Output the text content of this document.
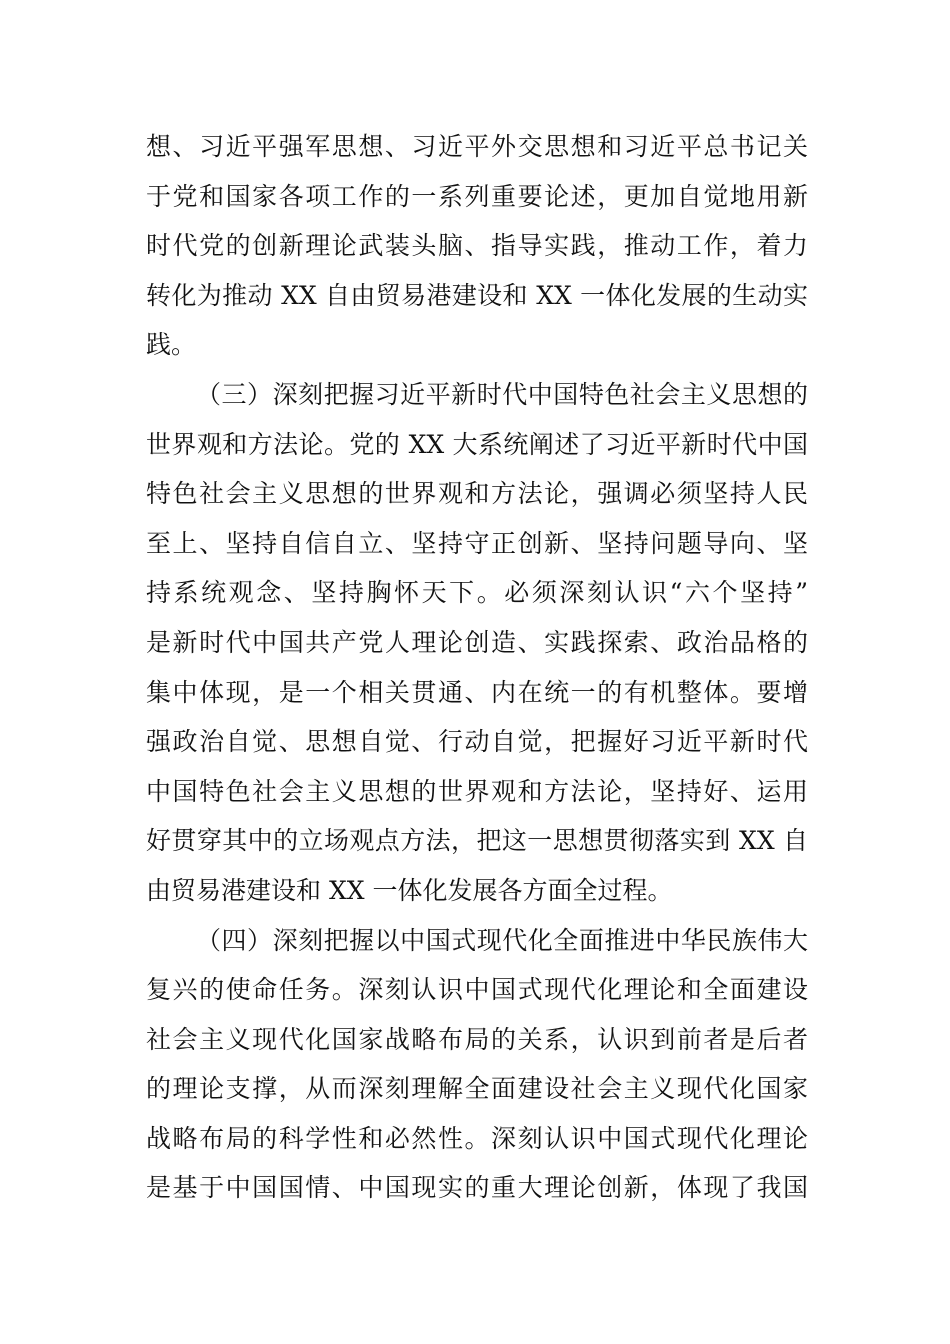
想、习近平强军思想、习近平外交思想和习近平总书记关
于党和国家各项工作的一系列重要论述，更加自觉地用新
时代党的创新理论武装头脑、指导实践，推动工作，着力
转化为推动 XX 自由贸易港建设和 XX 一体化发展的生动实
践。
（三）深刻把握习近平新时代中国特色社会主义思想的
世界观和方法论。党的 XX 大系统阐述了习近平新时代中国
特色社会主义思想的世界观和方法论，强调必须坚持人民
至上、坚持自信自立、坚持守正创新、坚持问题导向、坚
持系统观念、坚持胸怀天下。必须深刻认识“六个坚持”
是新时代中国共产党人理论创造、实践探索、政治品格的
集中体现，是一个相关贯通、内在统一的有机整体。要增
强政治自觉、思想自觉、行动自觉，把握好习近平新时代
中国特色社会主义思想的世界观和方法论，坚持好、运用
好贯穿其中的立场观点方法，把这一思想贯彻落实到 XX 自
由贸易港建设和 XX 一体化发展各方面全过程。
（四）深刻把握以中国式现代化全面推进中华民族伟大
复兴的使命任务。深刻认识中国式现代化理论和全面建设
社会主义现代化国家战略布局的关系，认识到前者是后者
的理论支撑，从而深刻理解全面建设社会主义现代化国家
战略布局的科学性和必然性。深刻认识中国式现代化理论
是基于中国国情、中国现实的重大理论创新，体现了我国
